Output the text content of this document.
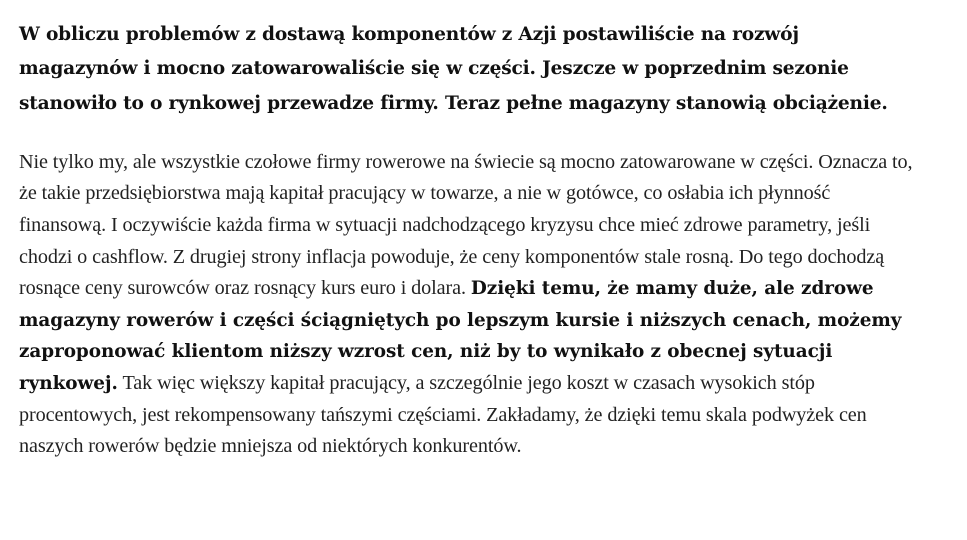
W obliczu problemów z dostawą komponentów z Azji postawiliście na rozwój magazynów i mocno zatowarowaliście się w części. Jeszcze w poprzednim sezonie stanowiło to o rynkowej przewadze firmy. Teraz pełne magazyny stanowią obciążenie.

Nie tylko my, ale wszystkie czołowe firmy rowerowe na świecie są mocno zatowarowane w części. Oznacza to, że takie przedsiębiorstwa mają kapitał pracujący w towarze, a nie w gotówce, co osłabia ich płynność finansową. I oczywiście każda firma w sytuacji nadchodzącego kryzysu chce mieć zdrowe parametry, jeśli chodzi o cashflow. Z drugiej strony inflacja powoduje, że ceny komponentów stale rosną. Do tego dochodzą rosnące ceny surowców oraz rosnący kurs euro i dolara. Dzięki temu, że mamy duże, ale zdrowe magazyny rowerów i części ściągniętych po lepszym kursie i niższych cenach, możemy zaproponować klientom niższy wzrost cen, niż by to wynikało z obecnej sytuacji rynkowej. Tak więc większy kapitał pracujący, a szczególnie jego koszt w czasach wysokich stóp procentowych, jest rekompensowany tańszymi częściami. Zakładamy, że dzięki temu skala podwyżek cen naszych rowerów będzie mniejsza od niektórych konkurentów.
